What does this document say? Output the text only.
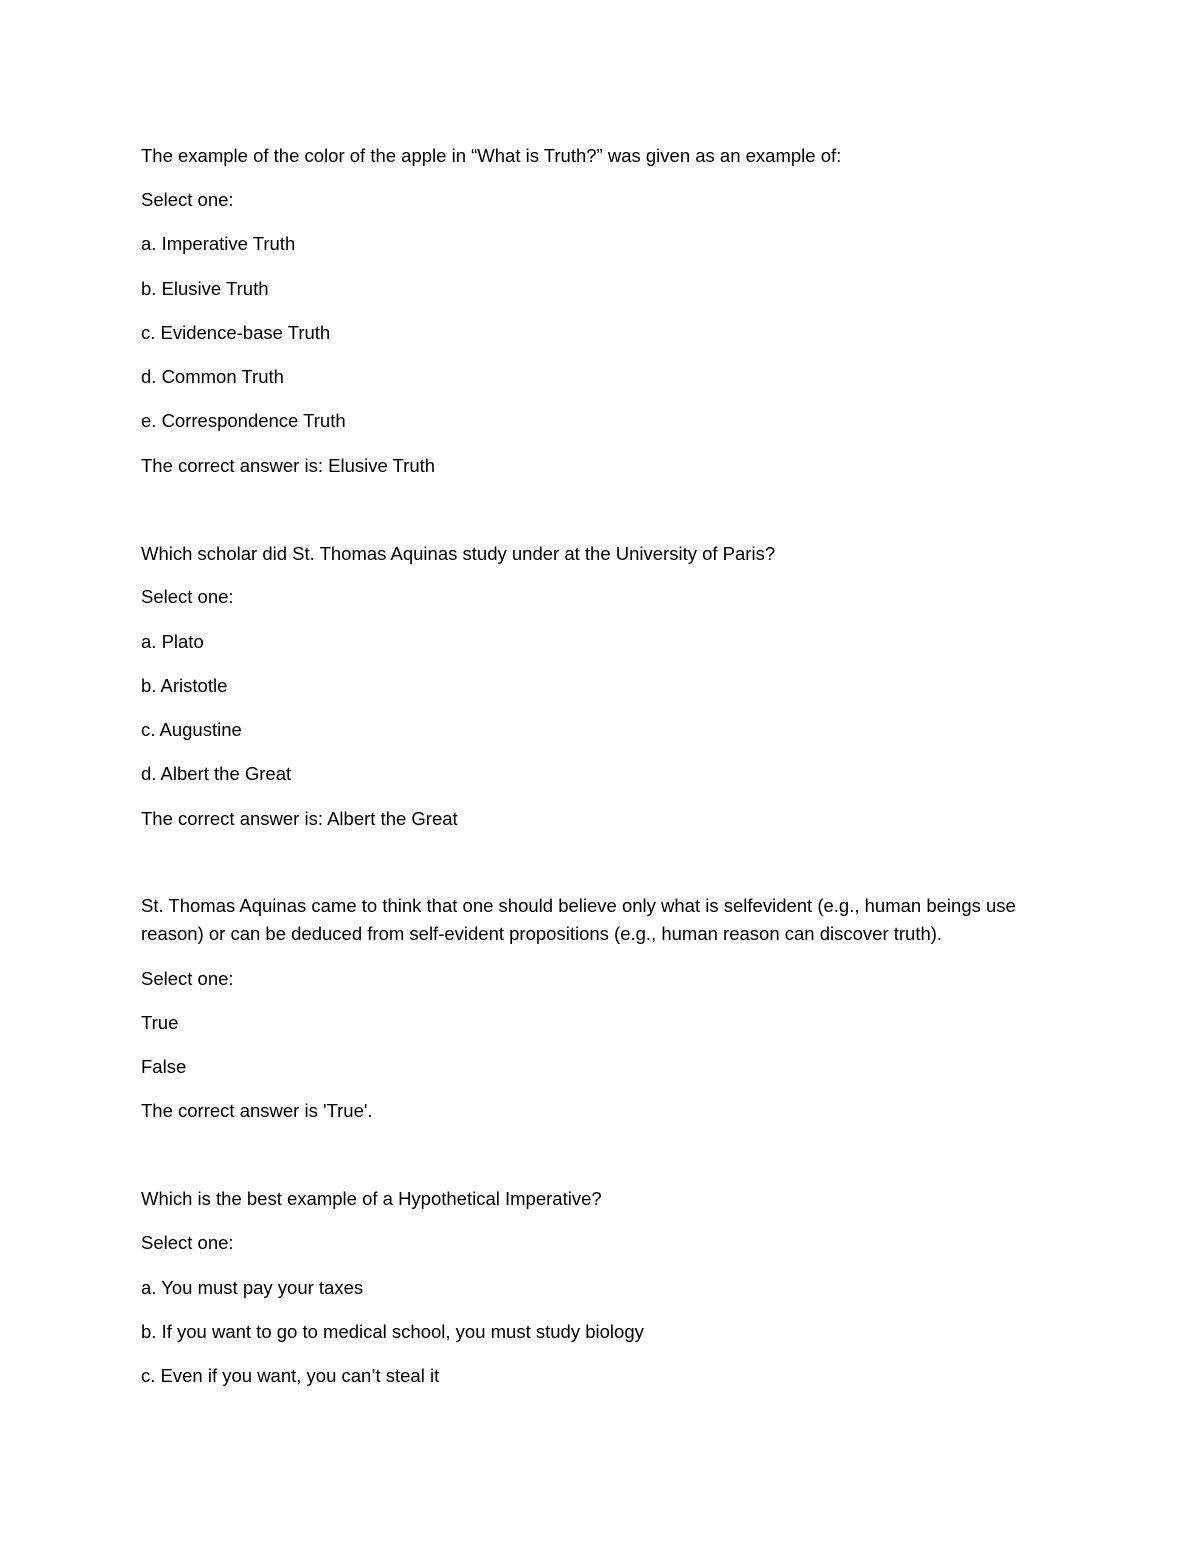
The example of the color of the apple in “What is Truth?” was given as an example of:

Select one:

a. Imperative Truth

b. Elusive Truth

c. Evidence-base Truth

d. Common Truth

e. Correspondence Truth

The correct answer is: Elusive Truth

Which scholar did St. Thomas Aquinas study under at the University of Paris?

Select one:

a. Plato

b. Aristotle

c. Augustine

d. Albert the Great

The correct answer is: Albert the Great

St. Thomas Aquinas came to think that one should believe only what is selfevident (e.g., human beings use reason) or can be deduced from self-evident propositions (e.g., human reason can discover truth).

Select one:

True

False

The correct answer is 'True'.

Which is the best example of a Hypothetical Imperative?

Select one:

a. You must pay your taxes

b. If you want to go to medical school, you must study biology

c. Even if you want, you can’t steal it
